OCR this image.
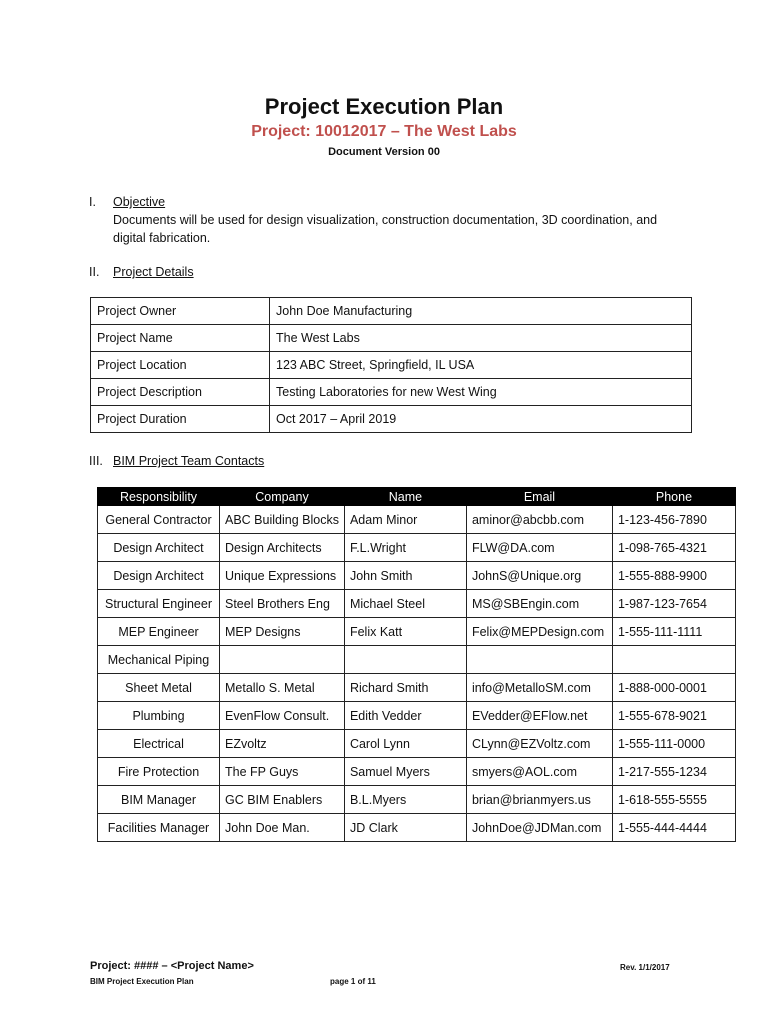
Project Execution Plan
Project: 10012017 – The West Labs
Document Version 00
I. Objective
Documents will be used for design visualization, construction documentation, 3D coordination, and digital fabrication.
II. Project Details
Project Owner	John Doe Manufacturing
Project Name	The West Labs
Project Location	123 ABC Street, Springfield, IL USA
Project Description	Testing Laboratories for new West Wing
Project Duration	Oct 2017 – April 2019
III. BIM Project Team Contacts
Responsibility	Company	Name	Email	Phone
General Contractor	ABC Building Blocks	Adam Minor	aminor@abcbb.com	1-123-456-7890
Design Architect	Design Architects	F.L.Wright	FLW@DA.com	1-098-765-4321
Design Architect	Unique Expressions	John Smith	JohnS@Unique.org	1-555-888-9900
Structural Engineer	Steel Brothers Eng	Michael Steel	MS@SBEngin.com	1-987-123-7654
MEP Engineer	MEP Designs	Felix Katt	Felix@MEPDesign.com	1-555-111-1111
Mechanical Piping				
Sheet Metal	Metallo S. Metal	Richard Smith	info@MetalloSM.com	1-888-000-0001
Plumbing	EvenFlow Consult.	Edith Vedder	EVedder@EFlow.net	1-555-678-9021
Electrical	EZvoltz	Carol Lynn	CLynn@EZVoltz.com	1-555-111-0000
Fire Protection	The FP Guys	Samuel Myers	smyers@AOL.com	1-217-555-1234
BIM Manager	GC BIM Enablers	B.L.Myers	brian@brianmyers.us	1-618-555-5555
Facilities Manager	John Doe Man.	JD Clark	JohnDoe@JDMan.com	1-555-444-4444
Project: #### – <Project Name>
BIM Project Execution Plan	page 1 of 11
Rev. 1/1/2017
